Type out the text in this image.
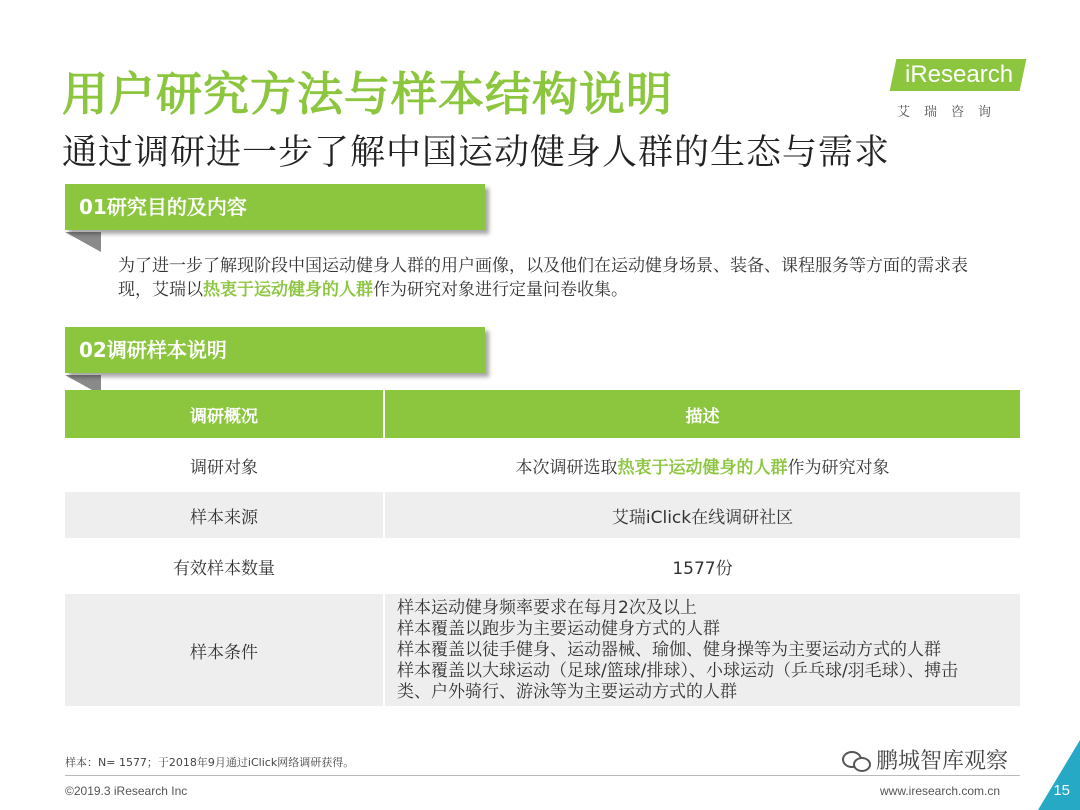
用户研究方法与样本结构说明
通过调研进一步了解中国运动健身人群的生态与需求
iResearch
艾瑞咨询
01研究目的及内容
为了进一步了解现阶段中国运动健身人群的用户画像，以及他们在运动健身场景、装备、课程服务等方面的需求表现，艾瑞以热衷于运动健身的人群作为研究对象进行定量问卷收集。
02调研样本说明
调研概况	描述
调研对象	本次调研选取热衷于运动健身的人群作为研究对象
样本来源	艾瑞iClick在线调研社区
有效样本数量	1577份
样本条件	样本运动健身频率要求在每月2次及以上
样本覆盖以跑步为主要运动健身方式的人群
样本覆盖以徒手健身、运动器械、瑜伽、健身操等为主要运动方式的人群
样本覆盖以大球运动（足球/篮球/排球）、小球运动（乒乓球/羽毛球）、搏击
类、户外骑行、游泳等为主要运动方式的人群
样本：N= 1577；于2018年9月通过iClick网络调研获得。	鹏城智库观察
©2019.3 iResearch Inc	www.iresearch.com.cn	15
